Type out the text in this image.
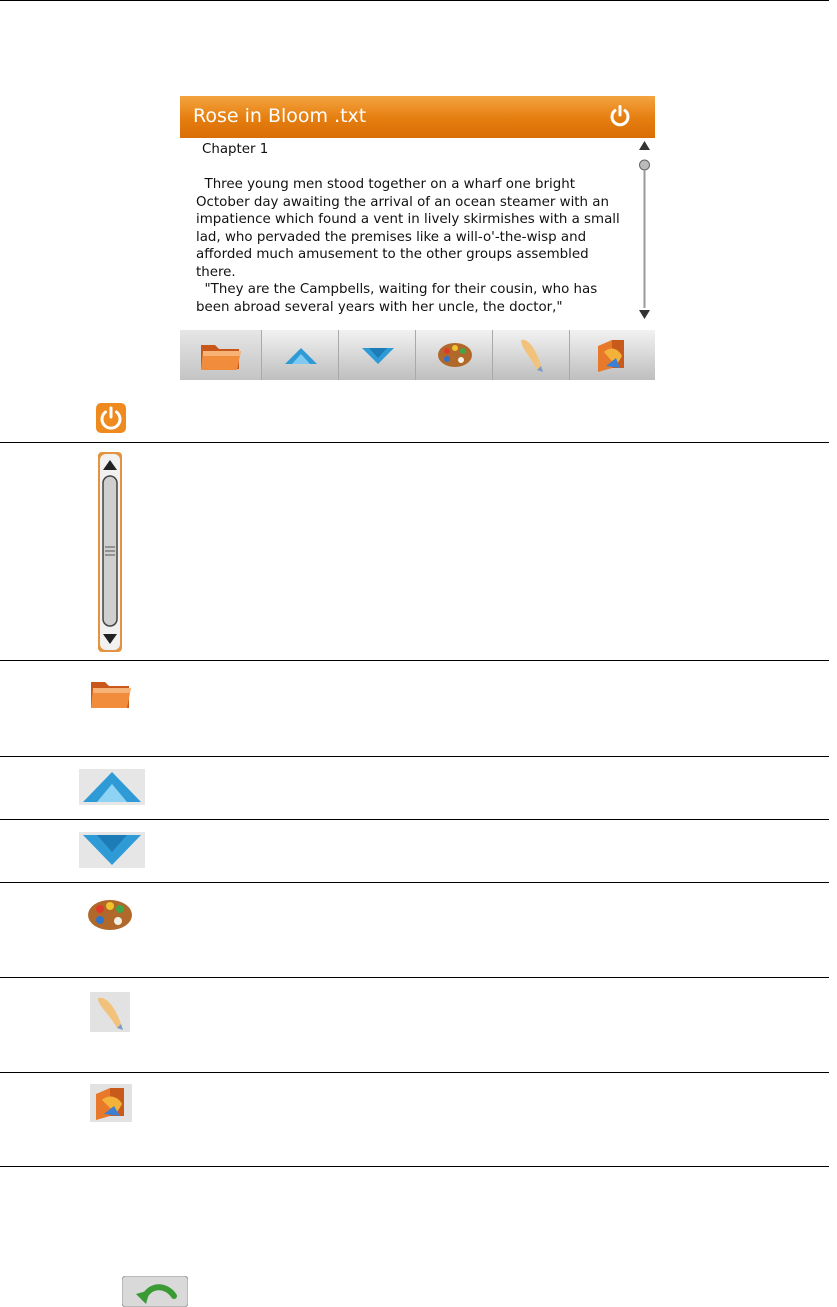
Rose in Bloom .txt

Chapter 1

Three young men stood together on a wharf one bright
October day awaiting the arrival of an ocean steamer with an
impatience which found a vent in lively skirmishes with a small
lad, who pervaded the premises like a will-o'-the-wisp and
afforded much amusement to the other groups assembled
there.
"They are the Campbells, waiting for their cousin, who has
been abroad several years with her uncle, the doctor,"
